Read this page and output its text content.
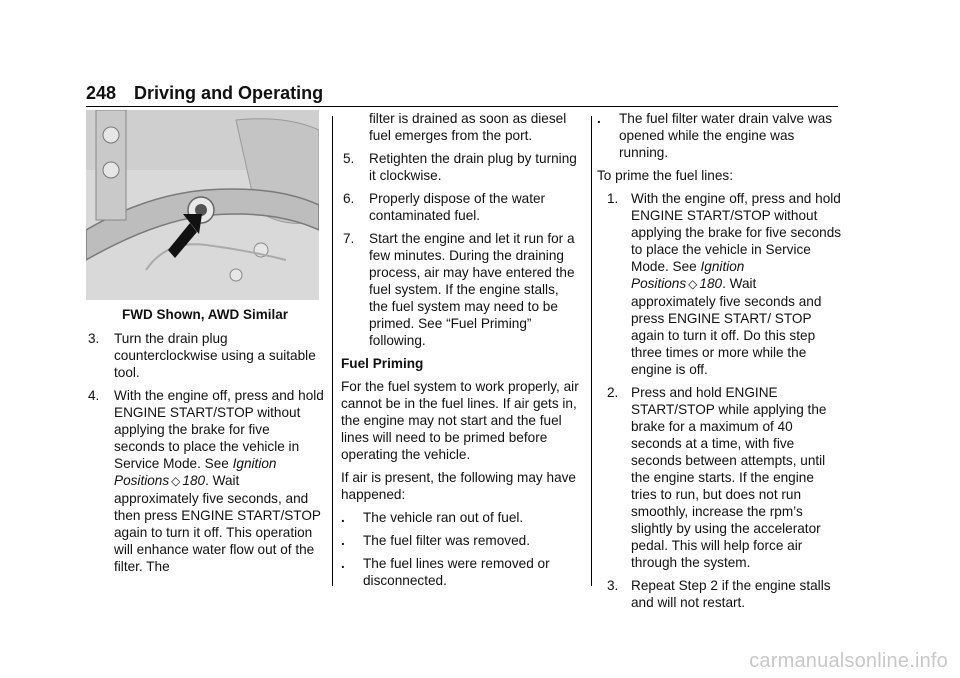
248 Driving and Operating
FWD Shown, AWD Similar
3. Turn the drain plug counterclockwise using a suitable tool.
4. With the engine off, press and hold ENGINE START/STOP without applying the brake for five seconds to place the vehicle in Service Mode. See Ignition Positions ◇ 180. Wait approximately five seconds, and then press ENGINE START/STOP again to turn it off. This operation will enhance water flow out of the filter. The
filter is drained as soon as diesel fuel emerges from the port.
5. Retighten the drain plug by turning it clockwise.
6. Properly dispose of the water contaminated fuel.
7. Start the engine and let it run for a few minutes. During the draining process, air may have entered the fuel system. If the engine stalls, the fuel system may need to be primed. See “Fuel Priming” following.
Fuel Priming
For the fuel system to work properly, air cannot be in the fuel lines. If air gets in, the engine may not start and the fuel lines will need to be primed before operating the vehicle.
If air is present, the following may have happened:
. The vehicle ran out of fuel.
. The fuel filter was removed.
. The fuel lines were removed or disconnected.
. The fuel filter water drain valve was opened while the engine was running.
To prime the fuel lines:
1. With the engine off, press and hold ENGINE START/STOP without applying the brake for five seconds to place the vehicle in Service Mode. See Ignition Positions ◇ 180. Wait approximately five seconds and press ENGINE START/ STOP again to turn it off. Do this step three times or more while the engine is off.
2. Press and hold ENGINE START/STOP while applying the brake for a maximum of 40 seconds at a time, with five seconds between attempts, until the engine starts. If the engine tries to run, but does not run smoothly, increase the rpm’s slightly by using the accelerator pedal. This will help force air through the system.
3. Repeat Step 2 if the engine stalls and will not restart.
carmanualsonline.info
